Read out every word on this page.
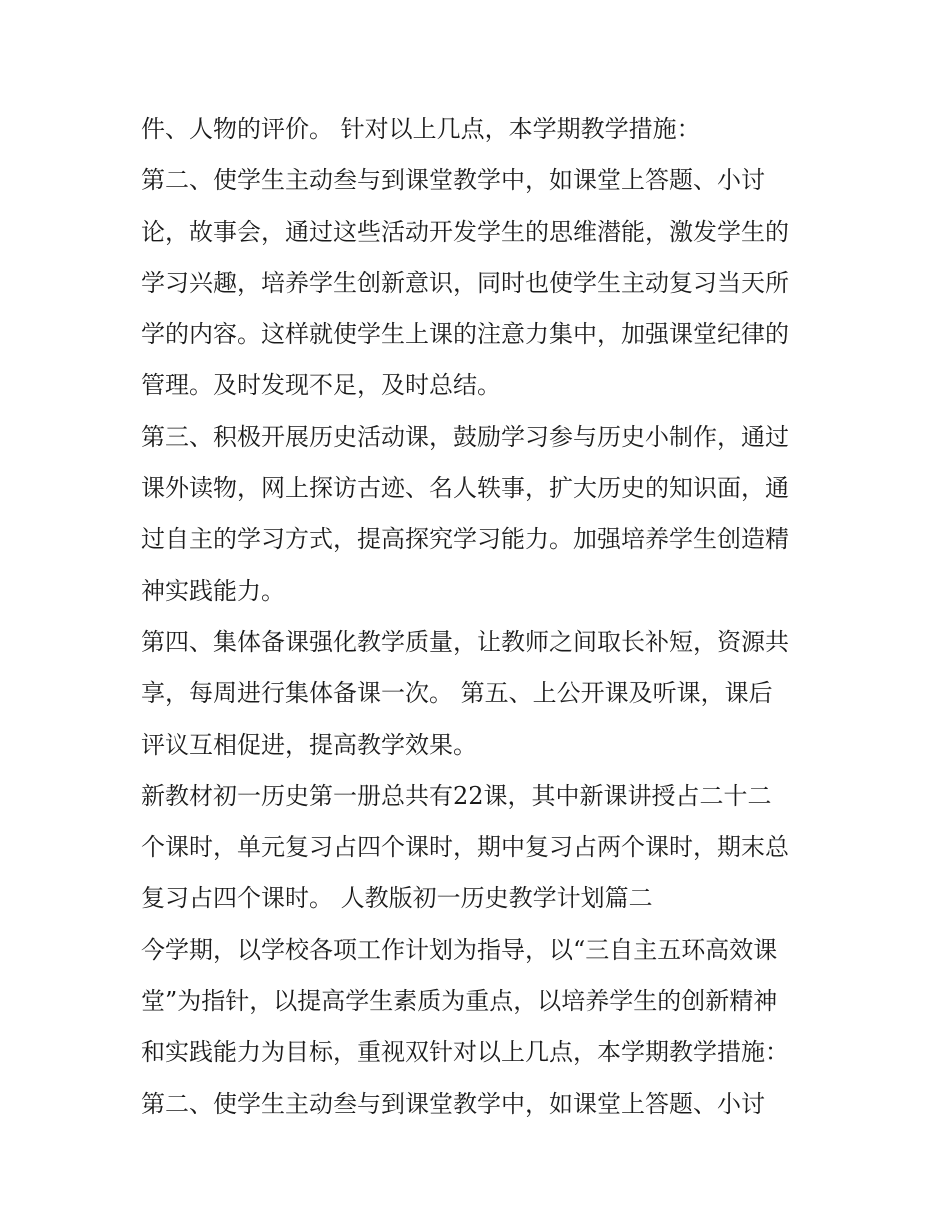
件、人物的评价。 针对以上几点，本学期教学措施：
第二、使学生主动叁与到课堂教学中，如课堂上答题、小讨
论，故事会，通过这些活动开发学生的思维潜能，激发学生的
学习兴趣，培养学生创新意识，同时也使学生主动复习当天所
学的内容。这样就使学生上课的注意力集中，加强课堂纪律的
管理。及时发现不足，及时总结。
第三、积极开展历史活动课，鼓励学习参与历史小制作，通过
课外读物，网上探访古迹、名人轶事，扩大历史的知识面，通
过自主的学习方式，提高探究学习能力。加强培养学生创造精
神实践能力。
第四、集体备课强化教学质量，让教师之间取长补短，资源共
享，每周进行集体备课一次。 第五、上公开课及听课，课后
评议互相促进，提高教学效果。
新教材初一历史第一册总共有22课，其中新课讲授占二十二
个课时，单元复习占四个课时，期中复习占两个课时，期末总
复习占四个课时。 人教版初一历史教学计划篇二
今学期，以学校各项工作计划为指导，以“三自主五环高效课
堂”为指针，以提高学生素质为重点，以培养学生的创新精神
和实践能力为目标，重视双针对以上几点，本学期教学措施：
第二、使学生主动叁与到课堂教学中，如课堂上答题、小讨
